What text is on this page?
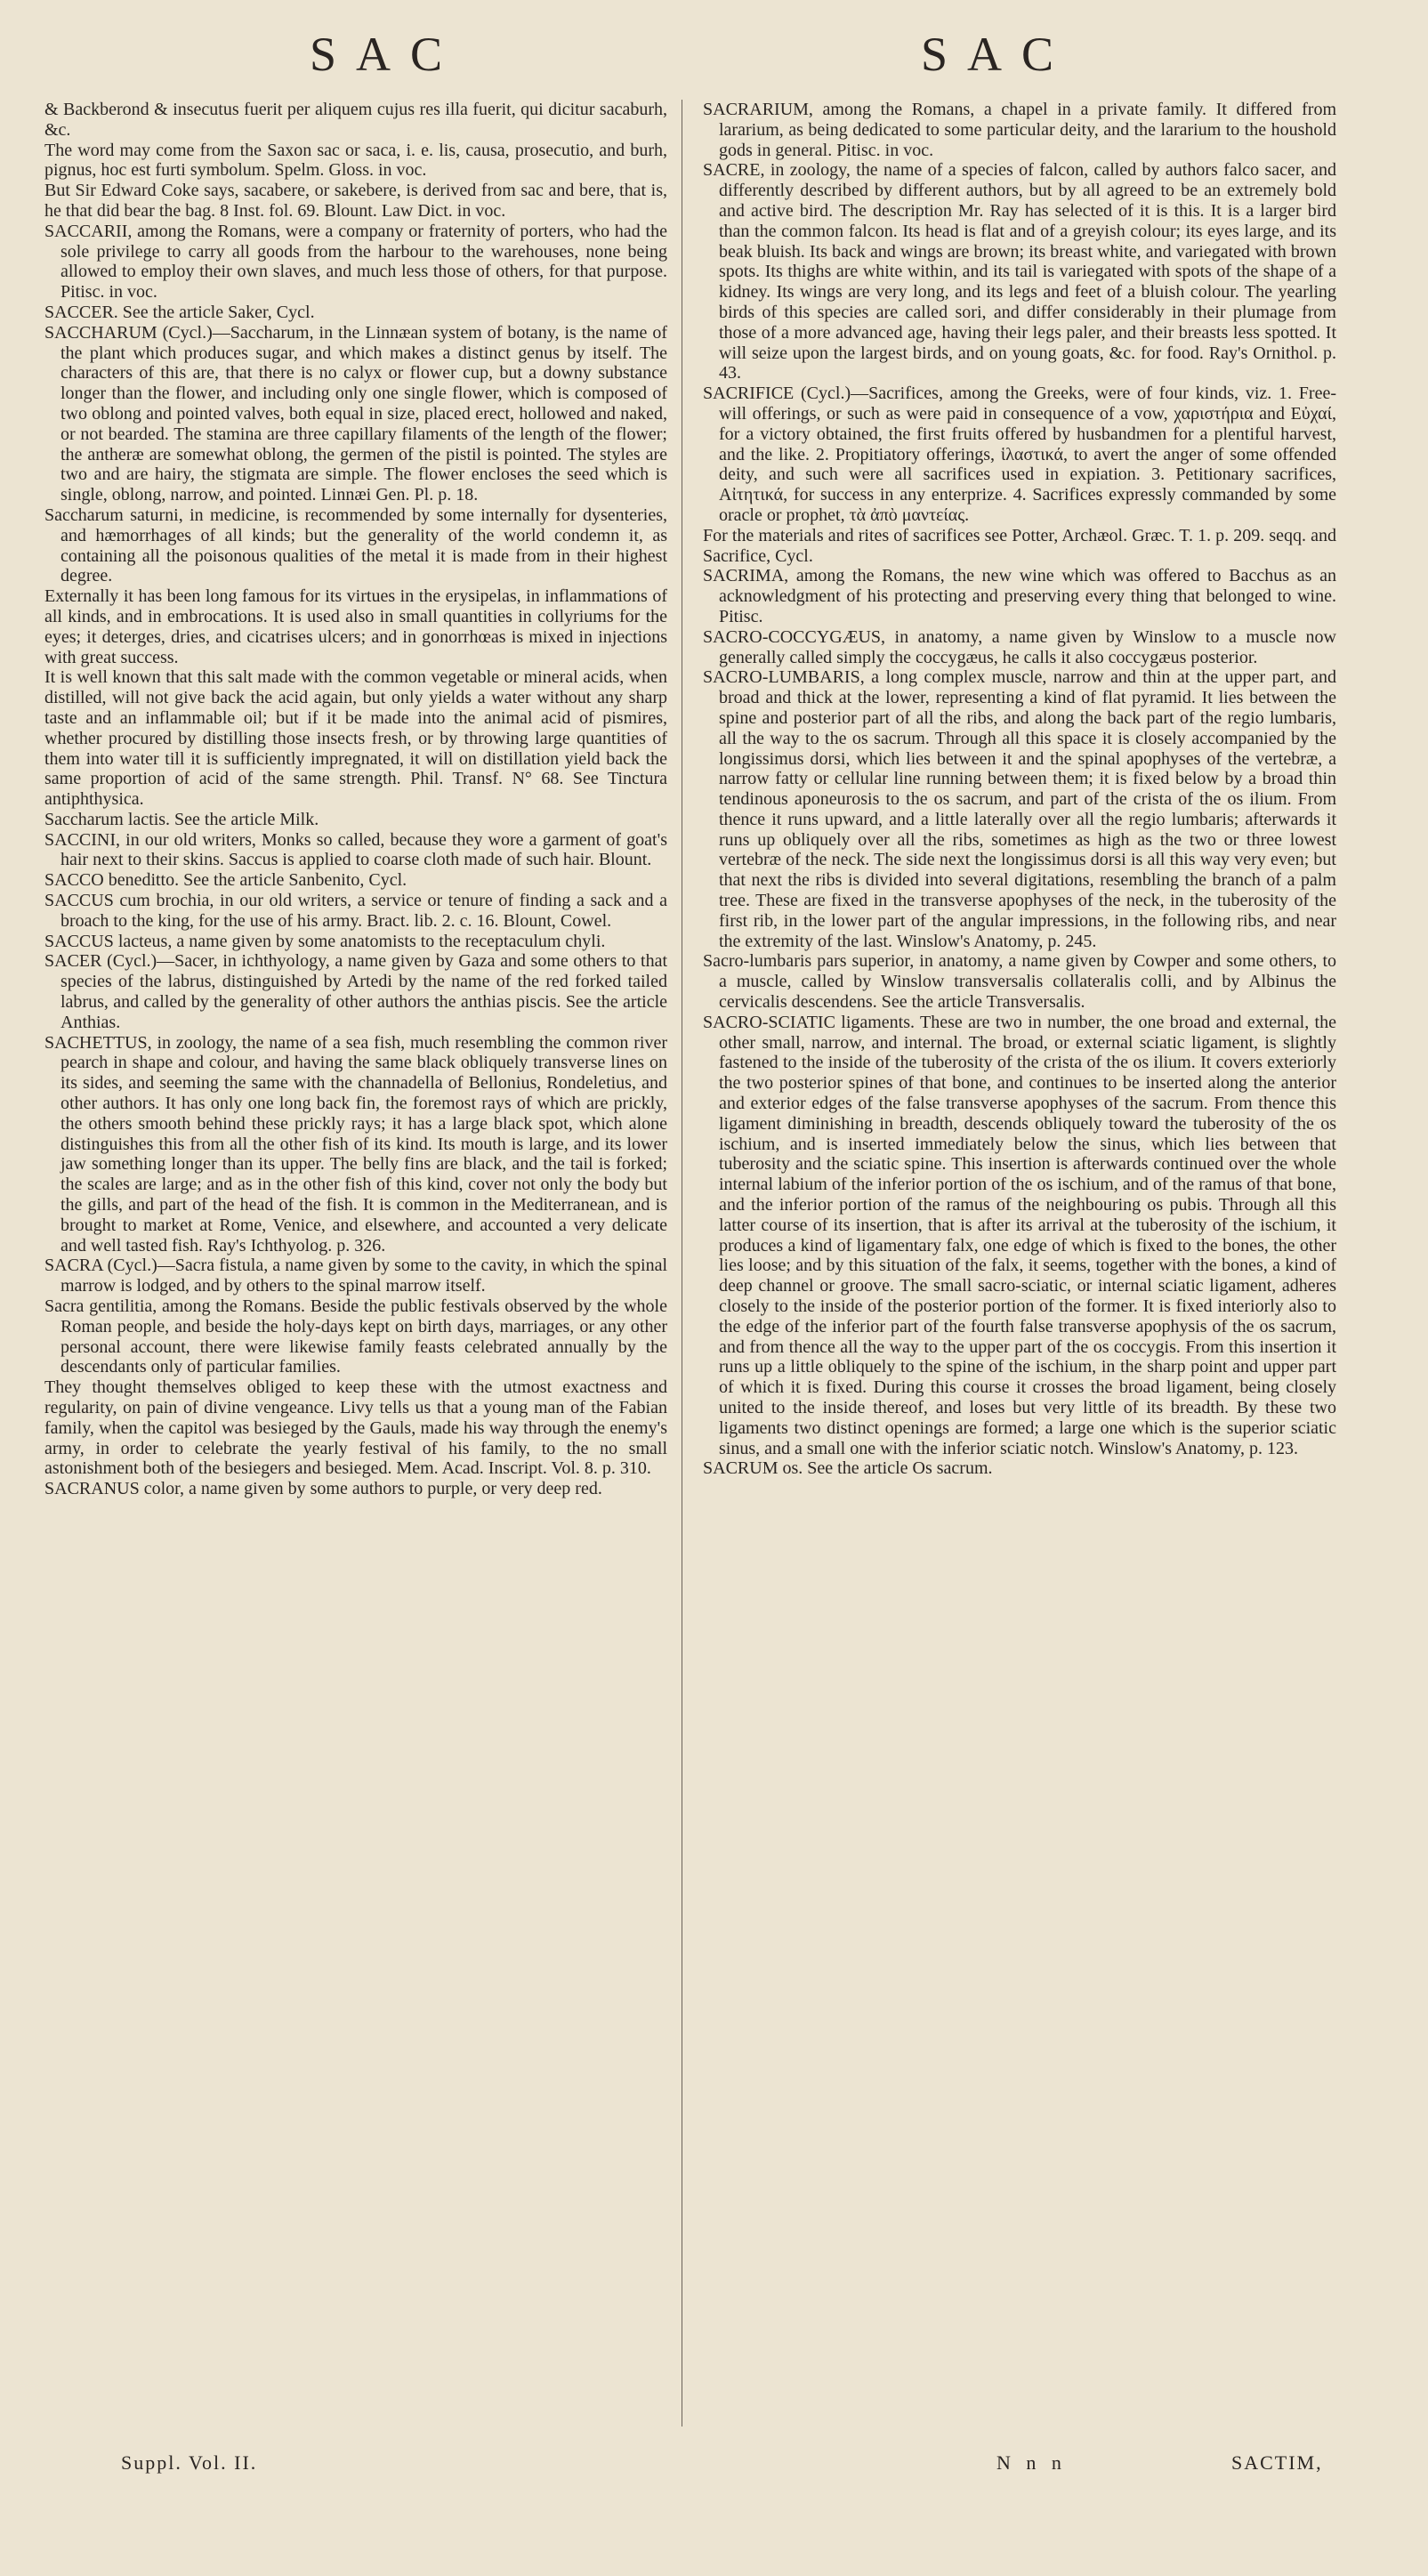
SAC	SAC

& Backberond & insecutus fuerit per aliquem cujus res illa fuerit, qui dicitur sacaburh, &c.

The word may come from the Saxon sac or saca, i. e. lis, causa, prosecutio, and burh, pignus, hoc est furti symbolum. Spelm. Gloss. in voc.

But Sir Edward Coke says, sacabere, or sakebere, is derived from sac and bere, that is, he that did bear the bag. 8 Inst. fol. 69. Blount. Law Dict. in voc.

SACCARII, among the Romans, were a company or fraternity of porters, who had the sole privilege to carry all goods from the harbour to the warehouses, none being allowed to employ their own slaves, and much less those of others, for that purpose. Pitisc. in voc.

SACCER. See the article Saker, Cycl.

SACCHARUM (Cycl.)—Saccharum, in the Linnæan system of botany, is the name of the plant which produces sugar, and which makes a distinct genus by itself. The characters of this are, that there is no calyx or flower cup, but a downy substance longer than the flower, and including only one single flower, which is composed of two oblong and pointed valves, both equal in size, placed erect, hollowed and naked, or not bearded. The stamina are three capillary filaments of the length of the flower; the antheræ are somewhat oblong, the germen of the pistil is pointed. The styles are two and are hairy, the stigmata are simple. The flower encloses the seed which is single, oblong, narrow, and pointed. Linnæi Gen. Pl. p. 18.

Saccharum saturni, in medicine, is recommended by some internally for dysenteries, and hæmorrhages of all kinds; but the generality of the world condemn it, as containing all the poisonous qualities of the metal it is made from in their highest degree.

Externally it has been long famous for its virtues in the erysipelas, in inflammations of all kinds, and in embrocations. It is used also in small quantities in collyriums for the eyes; it deterges, dries, and cicatrises ulcers; and in gonorrhœas is mixed in injections with great success.

It is well known that this salt made with the common vegetable or mineral acids, when distilled, will not give back the acid again, but only yields a water without any sharp taste and an inflammable oil; but if it be made into the animal acid of pismires, whether procured by distilling those insects fresh, or by throwing large quantities of them into water till it is sufficiently impregnated, it will on distillation yield back the same proportion of acid of the same strength. Phil. Transf. N° 68. See Tinctura antiphthysica.

Saccharum lactis. See the article Milk.

SACCINI, in our old writers, Monks so called, because they wore a garment of goat's hair next to their skins. Saccus is applied to coarse cloth made of such hair. Blount.

SACCO beneditto. See the article Sanbenito, Cycl.

SACCUS cum brochia, in our old writers, a service or tenure of finding a sack and a broach to the king, for the use of his army. Bract. lib. 2. c. 16. Blount, Cowel.

SACCUS lacteus, a name given by some anatomists to the receptaculum chyli.

SACER (Cycl.)—Sacer, in ichthyology, a name given by Gaza and some others to that species of the labrus, distinguished by Artedi by the name of the red forked tailed labrus, and called by the generality of other authors the anthias piscis. See the article Anthias.

SACHETTUS, in zoology, the name of a sea fish, much resembling the common river pearch in shape and colour, and having the same black obliquely transverse lines on its sides, and seeming the same with the channadella of Bellonius, Rondeletius, and other authors. It has only one long back fin, the foremost rays of which are prickly, the others smooth behind these prickly rays; it has a large black spot, which alone distinguishes this from all the other fish of its kind. Its mouth is large, and its lower jaw something longer than its upper. The belly fins are black, and the tail is forked; the scales are large; and as in the other fish of this kind, cover not only the body but the gills, and part of the head of the fish. It is common in the Mediterranean, and is brought to market at Rome, Venice, and elsewhere, and accounted a very delicate and well tasted fish. Ray's Ichthyolog. p. 326.

SACRA (Cycl.)—Sacra fistula, a name given by some to the cavity, in which the spinal marrow is lodged, and by others to the spinal marrow itself.

Sacra gentilitia, among the Romans. Beside the public festivals observed by the whole Roman people, and beside the holy-days kept on birth days, marriages, or any other personal account, there were likewise family feasts celebrated annually by the descendants only of particular families.

They thought themselves obliged to keep these with the utmost exactness and regularity, on pain of divine vengeance. Livy tells us that a young man of the Fabian family, when the capitol was besieged by the Gauls, made his way through the enemy's army, in order to celebrate the yearly festival of his family, to the no small astonishment both of the besiegers and besieged. Mem. Acad. Inscript. Vol. 8. p. 310.

SACRANUS color, a name given by some authors to purple, or very deep red.

SACRARIUM, among the Romans, a chapel in a private family. It differed from lararium, as being dedicated to some particular deity, and the lararium to the houshold gods in general. Pitisc. in voc.

SACRE, in zoology, the name of a species of falcon, called by authors falco sacer, and differently described by different authors, but by all agreed to be an extremely bold and active bird. The description Mr. Ray has selected of it is this. It is a larger bird than the common falcon. Its head is flat and of a greyish colour; its eyes large, and its beak bluish. Its back and wings are brown; its breast white, and variegated with brown spots. Its thighs are white within, and its tail is variegated with spots of the shape of a kidney. Its wings are very long, and its legs and feet of a bluish colour. The yearling birds of this species are called sori, and differ considerably in their plumage from those of a more advanced age, having their legs paler, and their breasts less spotted. It will seize upon the largest birds, and on young goats, &c. for food. Ray's Ornithol. p. 43.

SACRIFICE (Cycl.)—Sacrifices, among the Greeks, were of four kinds, viz. 1. Free-will offerings, or such as were paid in consequence of a vow, χαριστήρια and Εὐχαί, for a victory obtained, the first fruits offered by husbandmen for a plentiful harvest, and the like. 2. Propitiatory offerings, ἱλαστικά, to avert the anger of some offended deity, and such were all sacrifices used in expiation. 3. Petitionary sacrifices, Αἰτητικά, for success in any enterprize. 4. Sacrifices expressly commanded by some oracle or prophet, τὰ ἀπὸ μαντείας.

For the materials and rites of sacrifices see Potter, Archæol. Græc. T. 1. p. 209. seqq. and Sacrifice, Cycl.

SACRIMA, among the Romans, the new wine which was offered to Bacchus as an acknowledgment of his protecting and preserving every thing that belonged to wine. Pitisc.

SACRO-COCCYGÆUS, in anatomy, a name given by Winslow to a muscle now generally called simply the coccygæus, he calls it also coccygæus posterior.

SACRO-LUMBARIS, a long complex muscle, narrow and thin at the upper part, and broad and thick at the lower, representing a kind of flat pyramid. It lies between the spine and posterior part of all the ribs, and along the back part of the regio lumbaris, all the way to the os sacrum. Through all this space it is closely accompanied by the longissimus dorsi, which lies between it and the spinal apophyses of the vertebræ, a narrow fatty or cellular line running between them; it is fixed below by a broad thin tendinous aponeurosis to the os sacrum, and part of the crista of the os ilium. From thence it runs upward, and a little laterally over all the regio lumbaris; afterwards it runs up obliquely over all the ribs, sometimes as high as the two or three lowest vertebræ of the neck. The side next the longissimus dorsi is all this way very even; but that next the ribs is divided into several digitations, resembling the branch of a palm tree. These are fixed in the transverse apophyses of the neck, in the tuberosity of the first rib, in the lower part of the angular impressions, in the following ribs, and near the extremity of the last. Winslow's Anatomy, p. 245.

Sacro-lumbaris pars superior, in anatomy, a name given by Cowper and some others, to a muscle, called by Winslow transversalis collateralis colli, and by Albinus the cervicalis descendens. See the article Transversalis.

SACRO-SCIATIC ligaments. These are two in number, the one broad and external, the other small, narrow, and internal. The broad, or external sciatic ligament, is slightly fastened to the inside of the tuberosity of the crista of the os ilium. It covers exteriorly the two posterior spines of that bone, and continues to be inserted along the anterior and exterior edges of the false transverse apophyses of the sacrum. From thence this ligament diminishing in breadth, descends obliquely toward the tuberosity of the os ischium, and is inserted immediately below the sinus, which lies between that tuberosity and the sciatic spine. This insertion is afterwards continued over the whole internal labium of the inferior portion of the os ischium, and of the ramus of that bone, and the inferior portion of the ramus of the neighbouring os pubis. Through all this latter course of its insertion, that is after its arrival at the tuberosity of the ischium, it produces a kind of ligamentary falx, one edge of which is fixed to the bones, the other lies loose; and by this situation of the falx, it seems, together with the bones, a kind of deep channel or groove. The small sacro-sciatic, or internal sciatic ligament, adheres closely to the inside of the posterior portion of the former. It is fixed interiorly also to the edge of the inferior part of the fourth false transverse apophysis of the os sacrum, and from thence all the way to the upper part of the os coccygis. From this insertion it runs up a little obliquely to the spine of the ischium, in the sharp point and upper part of which it is fixed. During this course it crosses the broad ligament, being closely united to the inside thereof, and loses but very little of its breadth. By these two ligaments two distinct openings are formed; a large one which is the superior sciatic sinus, and a small one with the inferior sciatic notch. Winslow's Anatomy, p. 123.

SACRUM os. See the article Os sacrum.

Suppl. Vol. II.	N n n	SACTIM,
